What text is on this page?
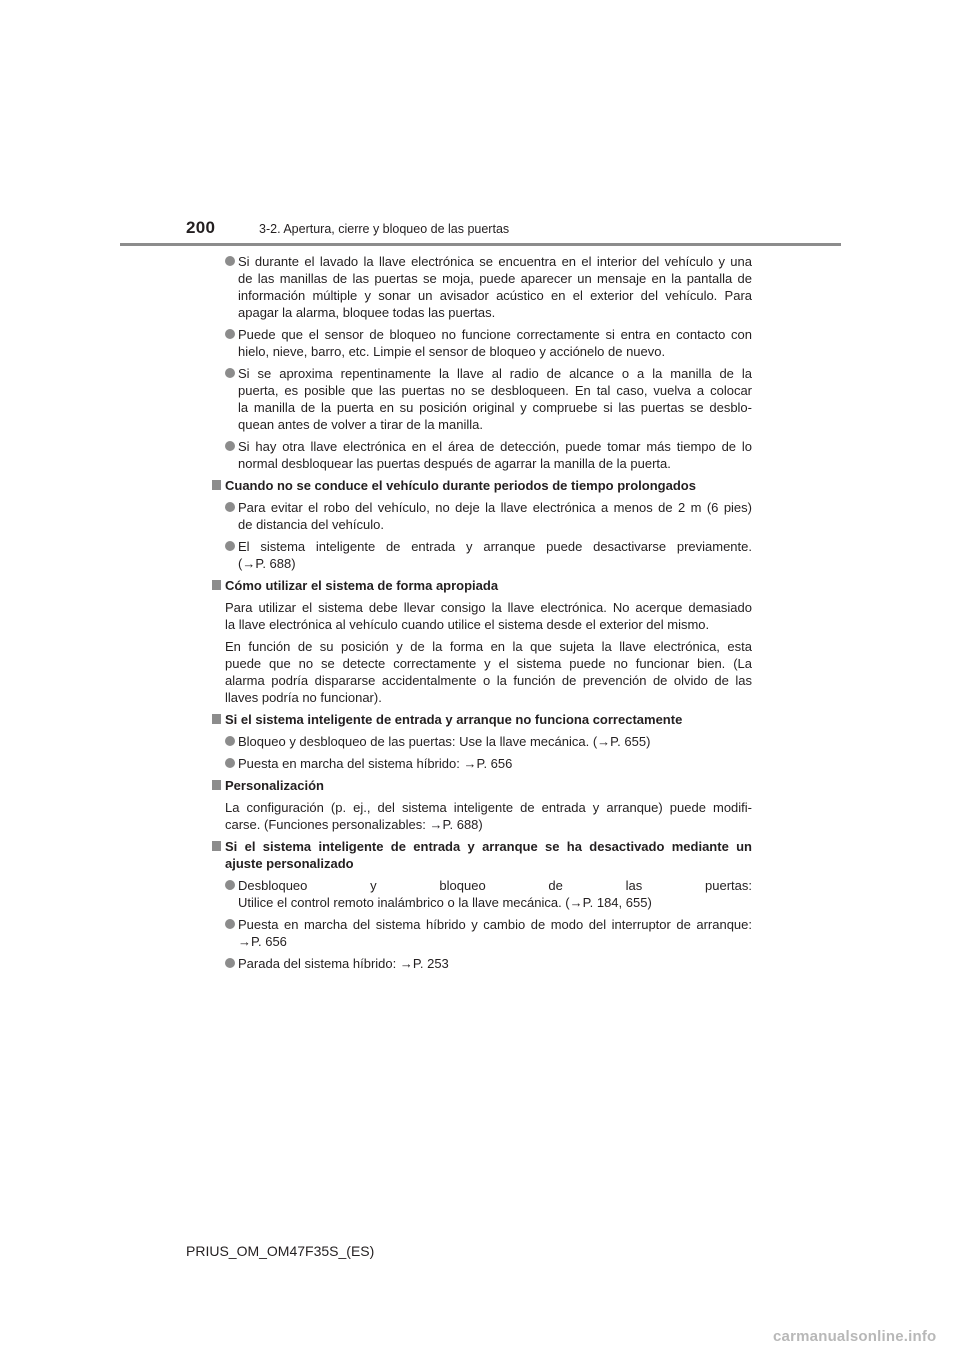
200	3-2. Apertura, cierre y bloqueo de las puertas
Si durante el lavado la llave electrónica se encuentra en el interior del vehículo y una
de las manillas de las puertas se moja, puede aparecer un mensaje en la pantalla de
información múltiple y sonar un avisador acústico en el exterior del vehículo. Para
apagar la alarma, bloquee todas las puertas.
Puede que el sensor de bloqueo no funcione correctamente si entra en contacto con
hielo, nieve, barro, etc. Limpie el sensor de bloqueo y acciónelo de nuevo.
Si se aproxima repentinamente la llave al radio de alcance o a la manilla de la
puerta, es posible que las puertas no se desbloqueen. En tal caso, vuelva a colocar
la manilla de la puerta en su posición original y compruebe si las puertas se desblo-
quean antes de volver a tirar de la manilla.
Si hay otra llave electrónica en el área de detección, puede tomar más tiempo de lo
normal desbloquear las puertas después de agarrar la manilla de la puerta.
Cuando no se conduce el vehículo durante periodos de tiempo prolongados
Para evitar el robo del vehículo, no deje la llave electrónica a menos de 2 m (6 pies)
de distancia del vehículo.
El sistema inteligente de entrada y arranque puede desactivarse previamente.
(→P. 688)
Cómo utilizar el sistema de forma apropiada
Para utilizar el sistema debe llevar consigo la llave electrónica. No acerque demasiado
la llave electrónica al vehículo cuando utilice el sistema desde el exterior del mismo.
En función de su posición y de la forma en la que sujeta la llave electrónica, esta
puede que no se detecte correctamente y el sistema puede no funcionar bien. (La
alarma podría dispararse accidentalmente o la función de prevención de olvido de las
llaves podría no funcionar).
Si el sistema inteligente de entrada y arranque no funciona correctamente
Bloqueo y desbloqueo de las puertas: Use la llave mecánica. (→P. 655)
Puesta en marcha del sistema híbrido: →P. 656
Personalización
La configuración (p. ej., del sistema inteligente de entrada y arranque) puede modifi-
carse. (Funciones personalizables: →P. 688)
Si el sistema inteligente de entrada y arranque se ha desactivado mediante un
ajuste personalizado
Desbloqueo y bloqueo de las puertas:
Utilice el control remoto inalámbrico o la llave mecánica. (→P. 184, 655)
Puesta en marcha del sistema híbrido y cambio de modo del interruptor de arranque:
→P. 656
Parada del sistema híbrido: →P. 253
PRIUS_OM_OM47F35S_(ES)
carmanualsonline.info
